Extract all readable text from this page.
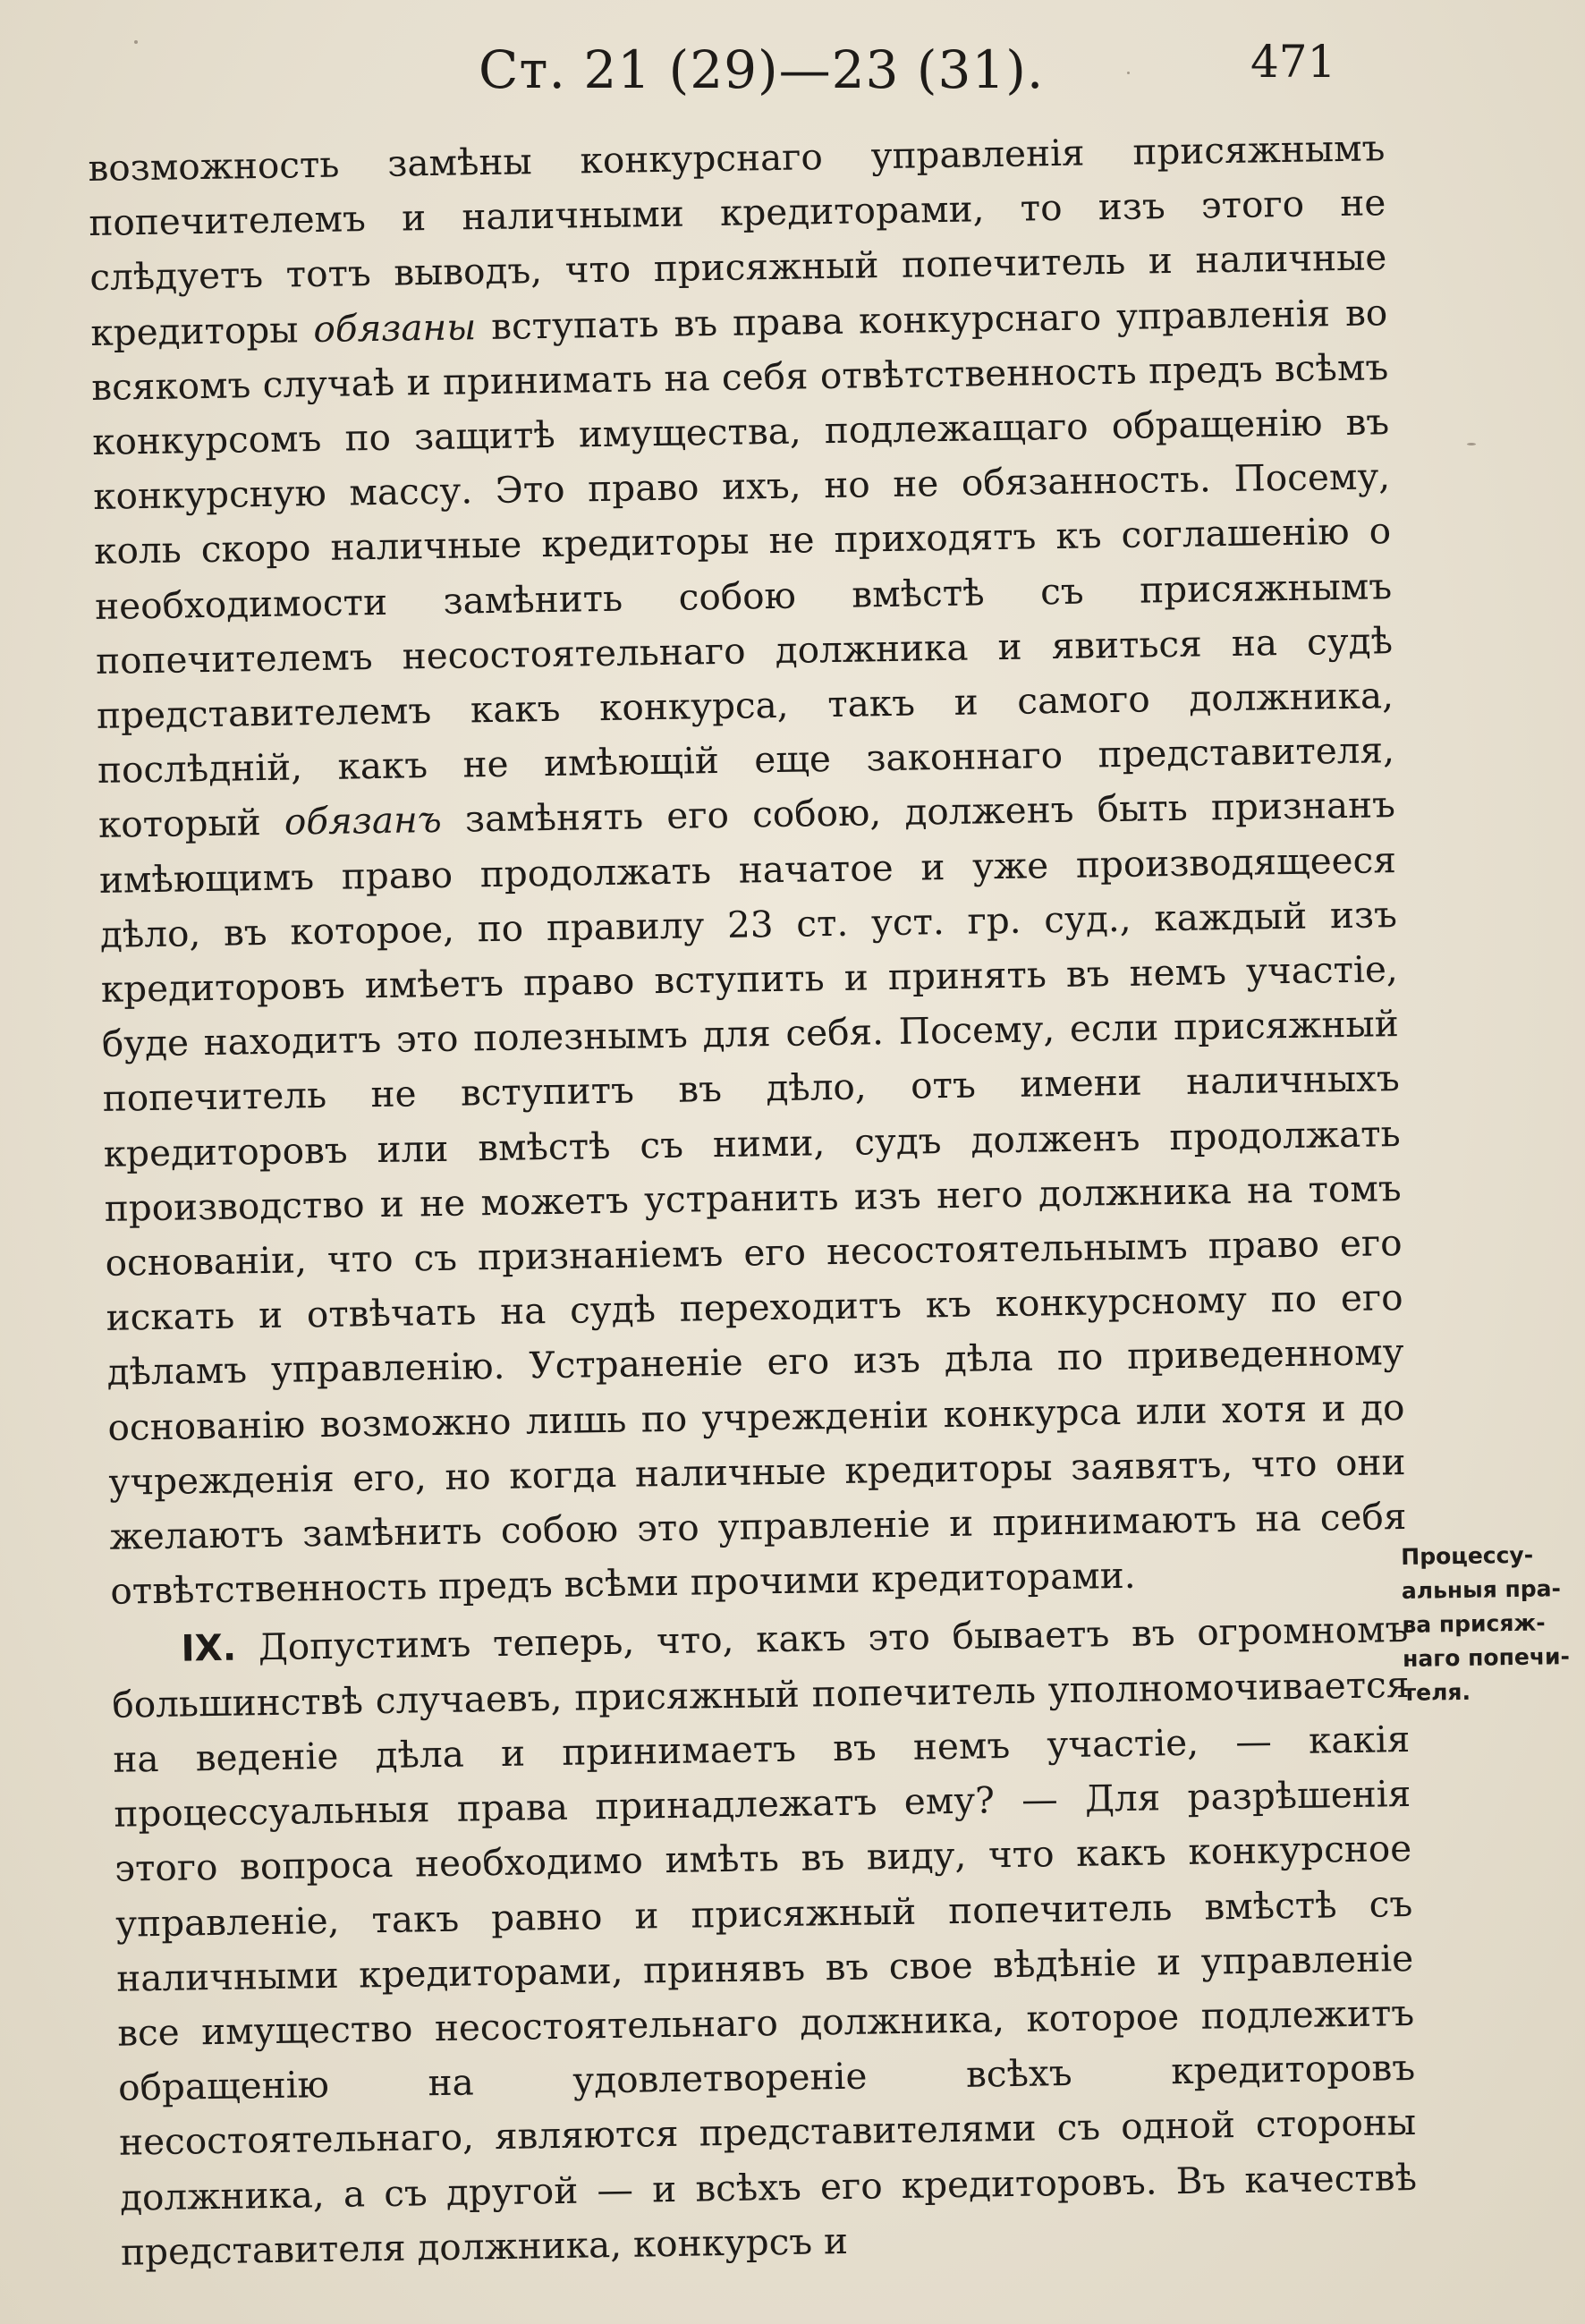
Ст. 21 (29)—23 (31).	471

возможность замѣны конкурснаго управленія присяжнымъ попечителемъ и наличными кредиторами, то изъ этого не слѣдуетъ тотъ выводъ, что присяжный попечитель и наличные кредиторы обязаны вступать въ права конкурснаго управленія во всякомъ случаѣ и принимать на себя отвѣтственность предъ всѣмъ конкурсомъ по защитѣ имущества, подлежащаго обращенію въ конкурсную массу. Это право ихъ, но не обязанность. Посему, коль скоро наличные кредиторы не приходятъ къ соглашенію о необходимости замѣнить собою вмѣстѣ съ присяжнымъ попечителемъ несостоятельнаго должника и явиться на судѣ представителемъ какъ конкурса, такъ и самого должника, послѣдній, какъ не имѣющій еще законнаго представителя, который обязанъ замѣнять его собою, долженъ быть признанъ имѣющимъ право продолжать начатое и уже производящееся дѣло, въ которое, по правилу 23 ст. уст. гр. суд., каждый изъ кредиторовъ имѣетъ право вступить и принять въ немъ участіе, буде находитъ это полезнымъ для себя. Посему, если присяжный попечитель не вступитъ въ дѣло, отъ имени наличныхъ кредиторовъ или вмѣстѣ съ ними, судъ долженъ продолжать производство и не можетъ устранить изъ него должника на томъ основаніи, что съ признаніемъ его несостоятельнымъ право его искать и отвѣчать на судѣ переходитъ къ конкурсному по его дѣламъ управленію. Устраненіе его изъ дѣла по приведенному основанію возможно лишь по учрежденіи конкурса или хотя и до учрежденія его, но когда наличные кредиторы заявятъ, что они желаютъ замѣнить собою это управленіе и принимаютъ на себя отвѣтственность предъ всѣми прочими кредиторами.

IX. Допустимъ теперь, что, какъ это бываетъ въ огромномъ большинствѣ случаевъ, присяжный попечитель уполномочивается на веденіе дѣла и принимаетъ въ немъ участіе, — какія процессуальныя права принадлежатъ ему? — Для разрѣшенія этого вопроса необходимо имѣть въ виду, что какъ конкурсное управленіе, такъ равно и присяжный попечитель вмѣстѣ съ наличными кредиторами, принявъ въ свое вѣдѣніе и управленіе все имущество несостоятельнаго должника, которое подлежитъ обращенію на удовлетвореніе всѣхъ кредиторовъ несостоятельнаго, являются представителями съ одной стороны должника, а съ другой — и всѣхъ его кредиторовъ. Въ качествѣ представителя должника, конкурсъ и

Процессу-
альныя пра-
ва присяж-
наго попечи-
теля.
